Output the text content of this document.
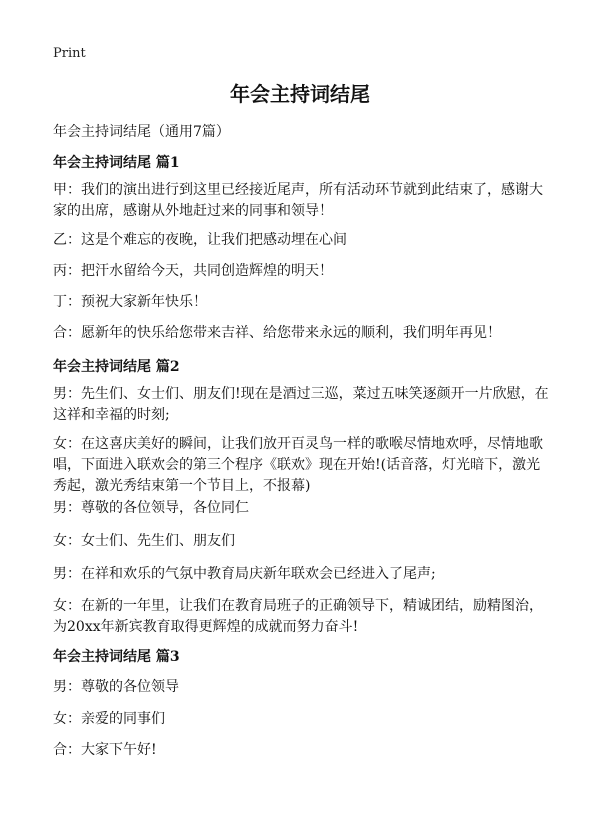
Print
年会主持词结尾
年会主持词结尾（通用7篇）
年会主持词结尾 篇1
甲：我们的演出进行到这里已经接近尾声，所有活动环节就到此结束了，感谢大家的出席，感谢从外地赶过来的同事和领导！
乙：这是个难忘的夜晚，让我们把感动埋在心间
丙：把汗水留给今天，共同创造辉煌的明天！
丁：预祝大家新年快乐！
合：愿新年的快乐给您带来吉祥、给您带来永远的顺利，我们明年再见！
年会主持词结尾 篇2
男：先生们、女士们、朋友们!现在是酒过三巡，菜过五味笑逐颜开一片欣慰，在这祥和幸福的时刻;
女：在这喜庆美好的瞬间，让我们放开百灵鸟一样的歌喉尽情地欢呼，尽情地歌唱，下面进入联欢会的第三个程序《联欢》现在开始!(话音落，灯光暗下，激光秀起，激光秀结束第一个节目上，不报幕)
男：尊敬的各位领导，各位同仁
女：女士们、先生们、朋友们
男：在祥和欢乐的气氛中教育局庆新年联欢会已经进入了尾声;
女：在新的一年里，让我们在教育局班子的正确领导下，精诚团结，励精图治，为20xx年新宾教育取得更辉煌的成就而努力奋斗!
年会主持词结尾 篇3
男：尊敬的各位领导
女：亲爱的同事们
合：大家下午好!
